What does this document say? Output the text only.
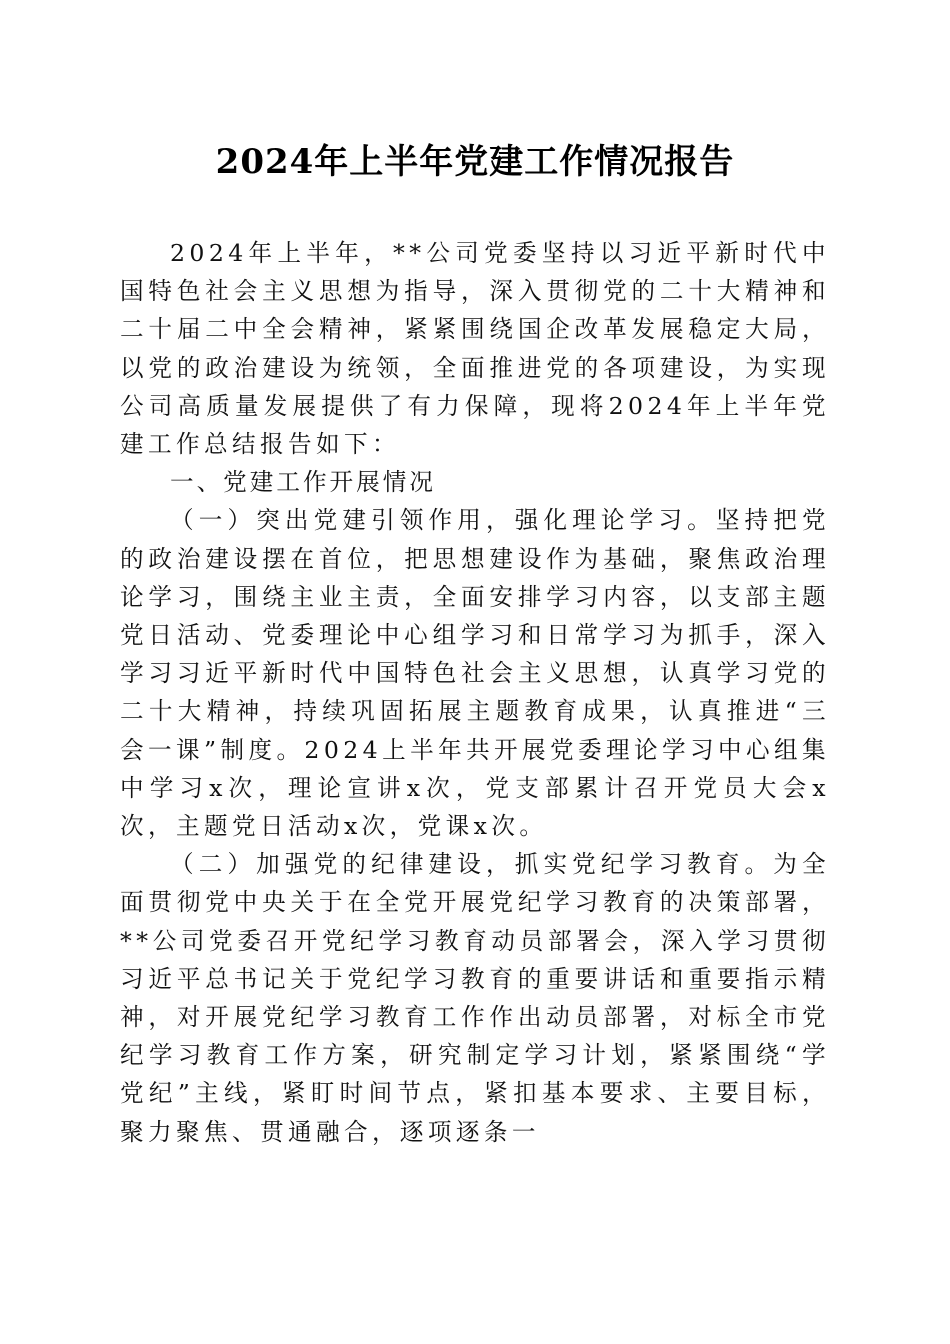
2024年上半年党建工作情况报告

2024年上半年，**公司党委坚持以习近平新时代中国特色社会主义思想为指导，深入贯彻党的二十大精神和二十届二中全会精神，紧紧围绕国企改革发展稳定大局，以党的政治建设为统领，全面推进党的各项建设，为实现公司高质量发展提供了有力保障，现将2024年上半年党建工作总结报告如下：

一、党建工作开展情况

（一）突出党建引领作用，强化理论学习。坚持把党的政治建设摆在首位，把思想建设作为基础，聚焦政治理论学习，围绕主业主责，全面安排学习内容，以支部主题党日活动、党委理论中心组学习和日常学习为抓手，深入学习习近平新时代中国特色社会主义思想，认真学习党的二十大精神，持续巩固拓展主题教育成果，认真推进“三会一课”制度。2024上半年共开展党委理论学习中心组集中学习x次，理论宣讲x次，党支部累计召开党员大会x次，主题党日活动x次，党课x次。

（二）加强党的纪律建设，抓实党纪学习教育。为全面贯彻党中央关于在全党开展党纪学习教育的决策部署，**公司党委召开党纪学习教育动员部署会，深入学习贯彻习近平总书记关于党纪学习教育的重要讲话和重要指示精神，对开展党纪学习教育工作作出动员部署，对标全市党纪学习教育工作方案，研究制定学习计划，紧紧围绕“学党纪”主线，紧盯时间节点，紧扣基本要求、主要目标，聚力聚焦、贯通融合，逐项逐条一
